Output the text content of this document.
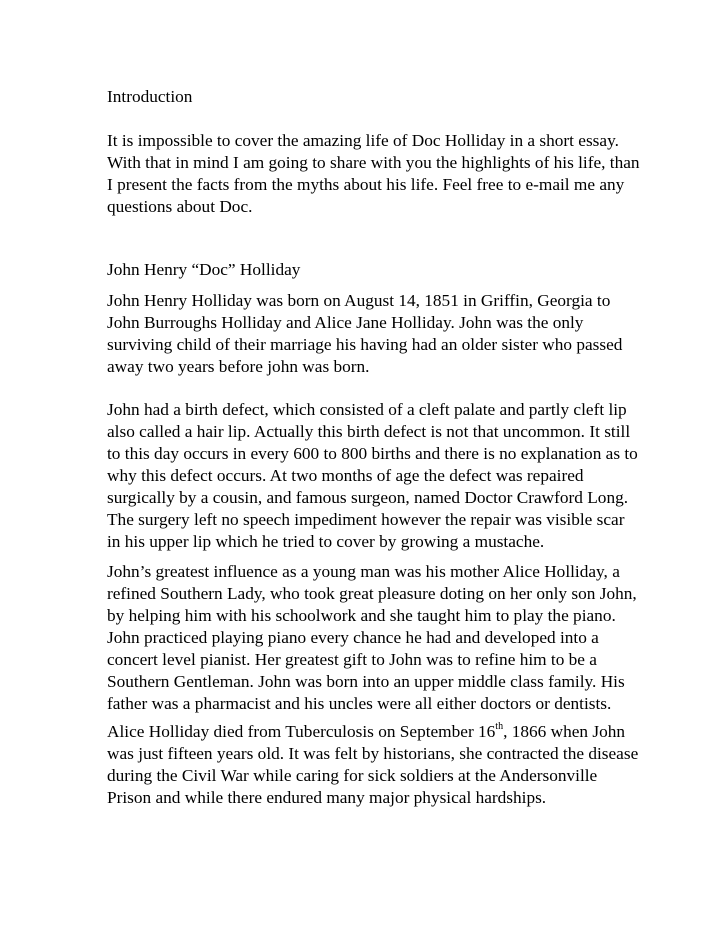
Introduction

It is impossible to cover the amazing life of Doc Holliday in a short essay.
With that in mind I am going to share with you the highlights of his life, than
I present the facts from the myths about his life. Feel free to e-mail me any
questions about Doc.

John Henry “Doc” Holliday

John Henry Holliday was born on August 14, 1851 in Griffin, Georgia to
John Burroughs Holliday and Alice Jane Holliday. John was the only
surviving child of their marriage his having had an older sister who passed
away two years before john was born.

John had a birth defect, which consisted of a cleft palate and partly cleft lip
also called a hair lip. Actually this birth defect is not that uncommon. It still
to this day occurs in every 600 to 800 births and there is no explanation as to
why this defect occurs. At two months of age the defect was repaired
surgically by a cousin, and famous surgeon, named Doctor Crawford Long.
The surgery left no speech impediment however the repair was visible scar
in his upper lip which he tried to cover by growing a mustache.

John’s greatest influence as a young man was his mother Alice Holliday, a
refined Southern Lady, who took great pleasure doting on her only son John,
by helping him with his schoolwork and she taught him to play the piano.
John practiced playing piano every chance he had and developed into a
concert level pianist. Her greatest gift to John was to refine him to be a
Southern Gentleman. John was born into an upper middle class family. His
father was a pharmacist and his uncles were all either doctors or dentists.

Alice Holliday died from Tuberculosis on September 16th, 1866 when John
was just fifteen years old. It was felt by historians, she contracted the disease
during the Civil War while caring for sick soldiers at the Andersonville
Prison and while there endured many major physical hardships.
